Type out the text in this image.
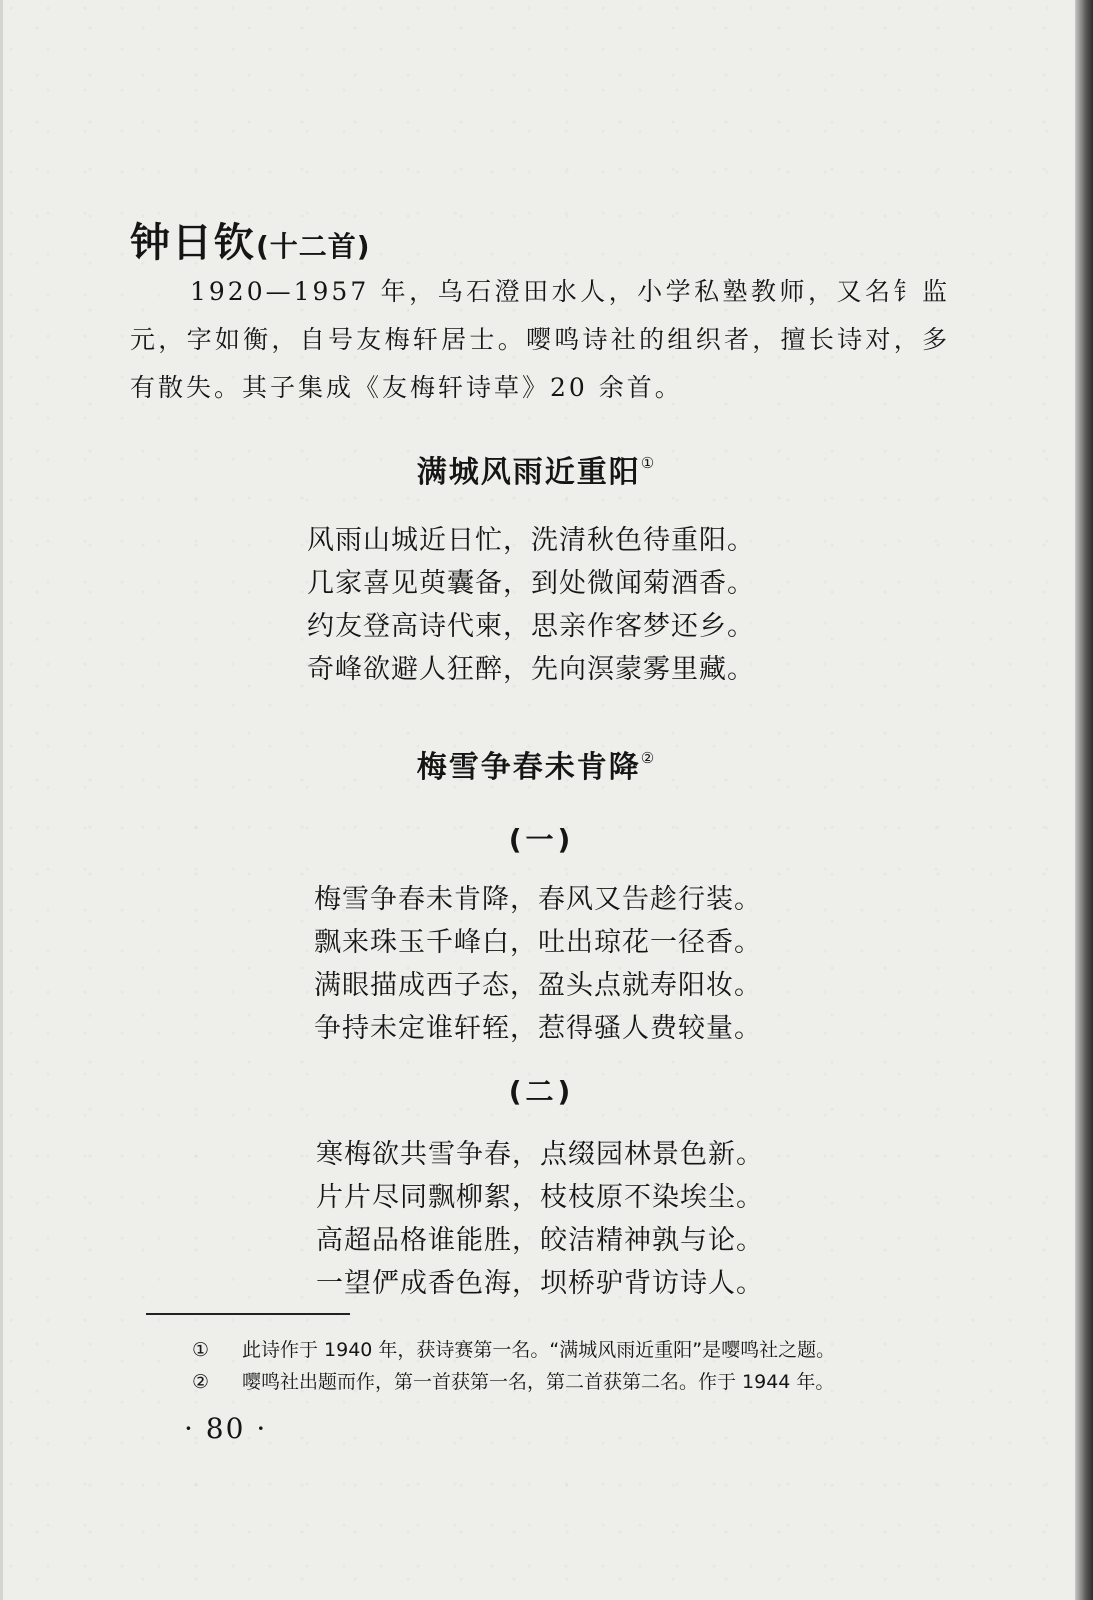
钟日钦(十二首)

1920—1957 年，乌石澄田水人，小学私塾教师，又名钅监元，字如衡，自号友梅轩居士。嘤鸣诗社的组织者，擅长诗对，多有散失。其子集成《友梅轩诗草》20 余首。

满城风雨近重阳①
风雨山城近日忙，洗清秋色待重阳。
几家喜见萸囊备，到处微闻菊酒香。
约友登高诗代柬，思亲作客梦还乡。
奇峰欲避人狂醉，先向溟蒙雾里藏。
梅雪争春未肯降②
(一)
梅雪争春未肯降，春风又告趁行装。
飘来珠玉千峰白，吐出琼花一径香。
满眼描成西子态，盈头点就寿阳妆。
争持未定谁轩轾，惹得骚人费较量。
(二)
寒梅欲共雪争春，点缀园林景色新。
片片尽同飘柳絮，枝枝原不染埃尘。
高超品格谁能胜，皎洁精神孰与论。
一望俨成香色海，坝桥驴背访诗人。
①	此诗作于 1940 年，获诗赛第一名。“满城风雨近重阳”是嘤鸣社之题。
②	嘤鸣社出题而作，第一首获第一名，第二首获第二名。作于 1944 年。

· 80 ·
